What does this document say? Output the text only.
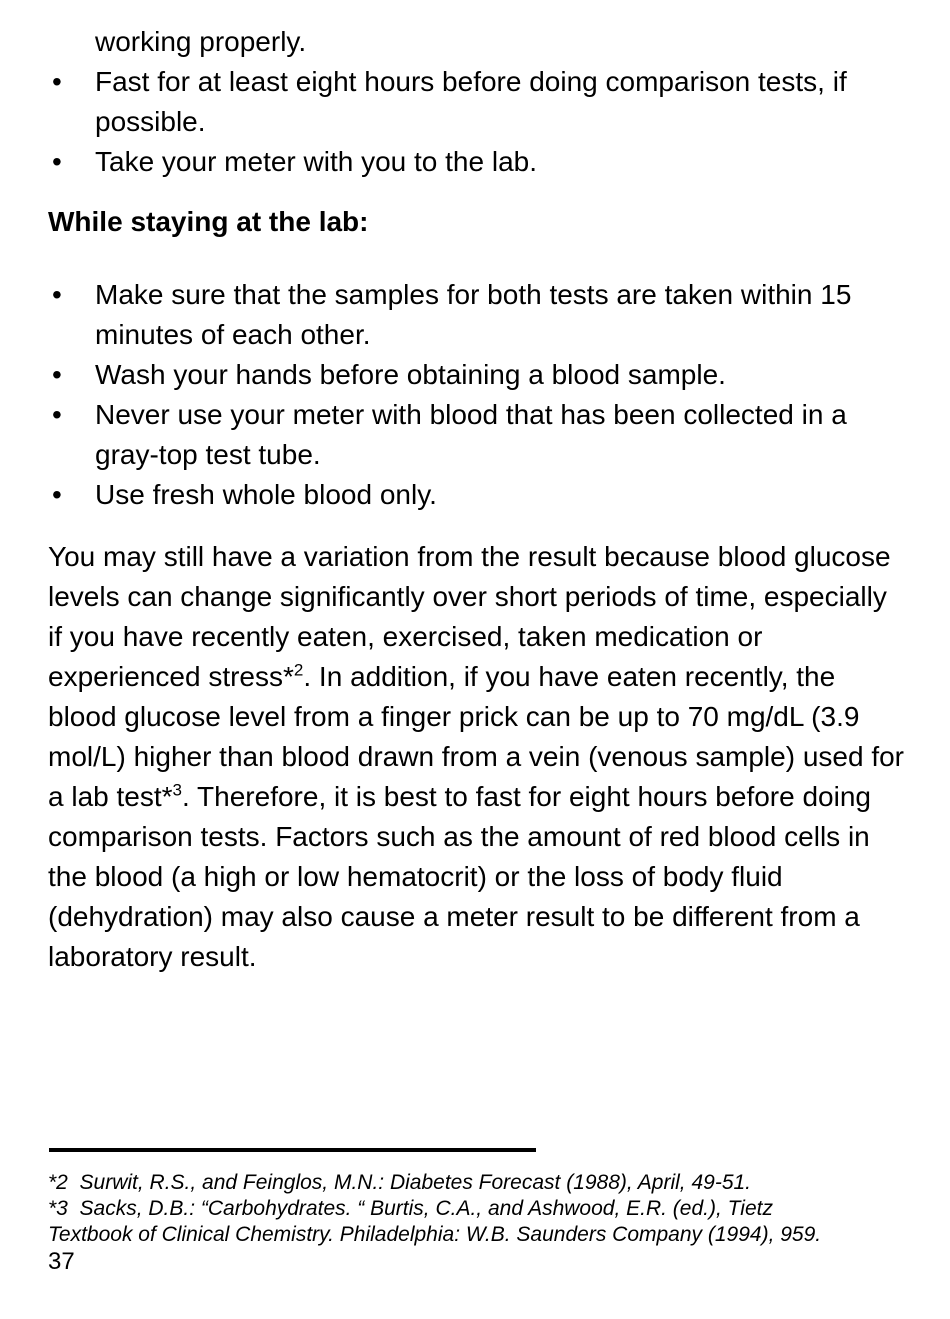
working properly.
•	Fast for at least eight hours before doing comparison tests, if possible.
•	Take your meter with you to the lab.
While staying at the lab:
•	Make sure that the samples for both tests are taken within 15 minutes of each other.
•	Wash your hands before obtaining a blood sample.
•	Never use your meter with blood that has been collected in a gray-top test tube.
•	Use fresh whole blood only.
You may still have a variation from the result because blood glucose
levels can change significantly over short periods of time, especially
if you have recently eaten, exercised, taken medication or
experienced stress*$^2$. In addition, if you have eaten recently, the
blood glucose level from a finger prick can be up to 70 mg/dL (3.9
mol/L) higher than blood drawn from a vein (venous sample) used for
a lab test*$^3$. Therefore, it is best to fast for eight hours before doing
comparison tests. Factors such as the amount of red blood cells in
the blood (a high or low hematocrit) or the loss of body fluid
(dehydration) may also cause a meter result to be different from a
laboratory result.
*2  Surwit, R.S., and Feinglos, M.N.: Diabetes Forecast (1988), April, 49-51.
*3  Sacks, D.B.: “Carbohydrates. “ Burtis, C.A., and Ashwood, E.R. (ed.), Tietz
Textbook of Clinical Chemistry. Philadelphia: W.B. Saunders Company (1994), 959.
37
